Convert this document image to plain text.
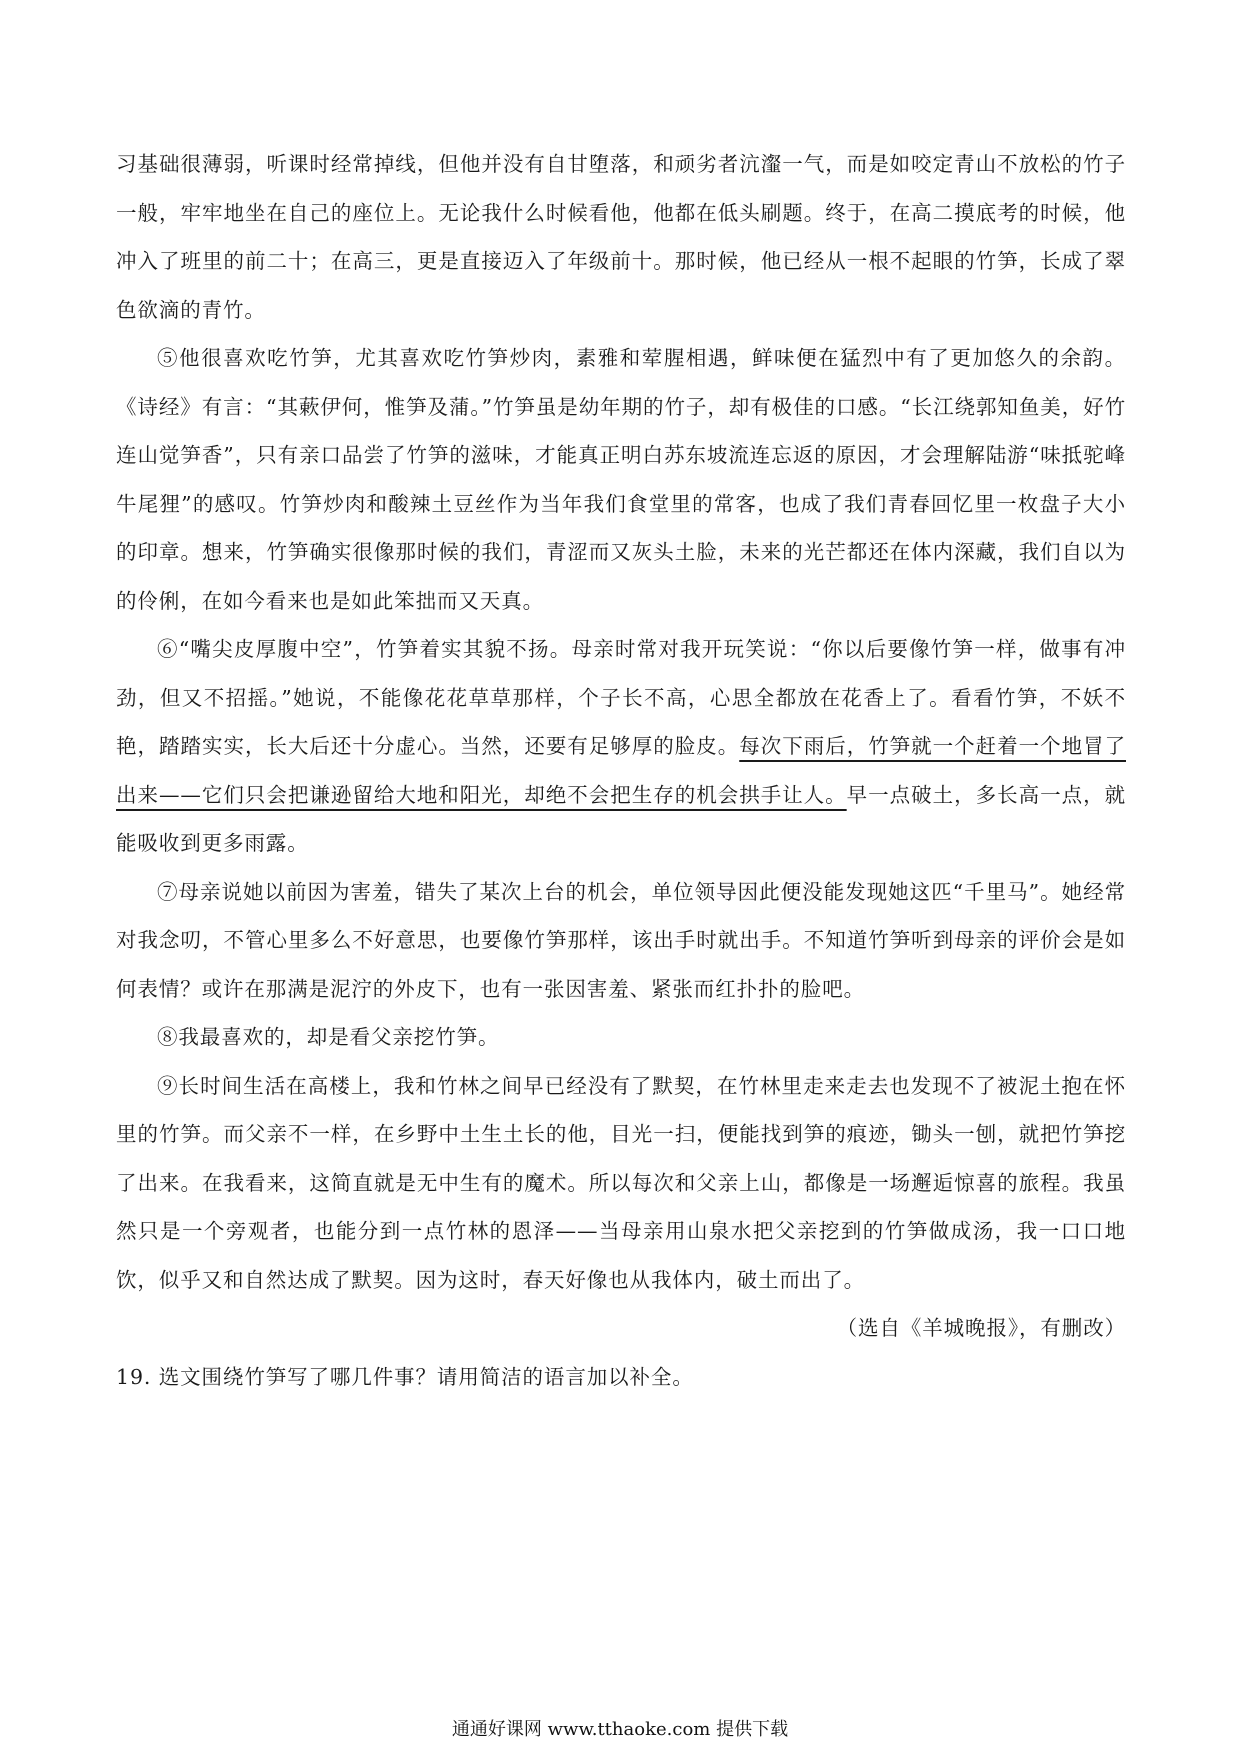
习基础很薄弱，听课时经常掉线，但他并没有自甘堕落，和顽劣者沆瀣一气，而是如咬定青山不放松的竹子一般，牢牢地坐在自己的座位上。无论我什么时候看他，他都在低头刷题。终于，在高二摸底考的时候，他冲入了班里的前二十；在高三，更是直接迈入了年级前十。那时候，他已经从一根不起眼的竹笋，长成了翠色欲滴的青竹。

⑤他很喜欢吃竹笋，尤其喜欢吃竹笋炒肉，素雅和荤腥相遇，鲜味便在猛烈中有了更加悠久的余韵。《诗经》有言：“其蔌伊何，惟笋及蒲。”竹笋虽是幼年期的竹子，却有极佳的口感。“长江绕郭知鱼美，好竹连山觉笋香”，只有亲口品尝了竹笋的滋味，才能真正明白苏东坡流连忘返的原因，才会理解陆游“味抵驼峰牛尾狸”的感叹。竹笋炒肉和酸辣土豆丝作为当年我们食堂里的常客，也成了我们青春回忆里一枚盘子大小的印章。想来，竹笋确实很像那时候的我们，青涩而又灰头土脸，未来的光芒都还在体内深藏，我们自以为的伶俐，在如今看来也是如此笨拙而又天真。

⑥“嘴尖皮厚腹中空”，竹笋着实其貌不扬。母亲时常对我开玩笑说：“你以后要像竹笋一样，做事有冲劲，但又不招摇。”她说，不能像花花草草那样，个子长不高，心思全都放在花香上了。看看竹笋，不妖不艳，踏踏实实，长大后还十分虚心。当然，还要有足够厚的脸皮。每次下雨后，竹笋就一个赶着一个地冒了出来——它们只会把谦逊留给大地和阳光，却绝不会把生存的机会拱手让人。早一点破土，多长高一点，就能吸收到更多雨露。

⑦母亲说她以前因为害羞，错失了某次上台的机会，单位领导因此便没能发现她这匹“千里马”。她经常对我念叨，不管心里多么不好意思，也要像竹笋那样，该出手时就出手。不知道竹笋听到母亲的评价会是如何表情？或许在那满是泥泞的外皮下，也有一张因害羞、紧张而红扑扑的脸吧。

⑧我最喜欢的，却是看父亲挖竹笋。

⑨长时间生活在高楼上，我和竹林之间早已经没有了默契，在竹林里走来走去也发现不了被泥土抱在怀里的竹笋。而父亲不一样，在乡野中土生土长的他，目光一扫，便能找到笋的痕迹，锄头一刨，就把竹笋挖了出来。在我看来，这简直就是无中生有的魔术。所以每次和父亲上山，都像是一场邂逅惊喜的旅程。我虽然只是一个旁观者，也能分到一点竹林的恩泽——当母亲用山泉水把父亲挖到的竹笋做成汤，我一口口地饮，似乎又和自然达成了默契。因为这时，春天好像也从我体内，破土而出了。

（选自《羊城晚报》，有删改）

19. 选文围绕竹笋写了哪几件事？请用简洁的语言加以补全。

通通好课网 www.tthaoke.com 提供下载
